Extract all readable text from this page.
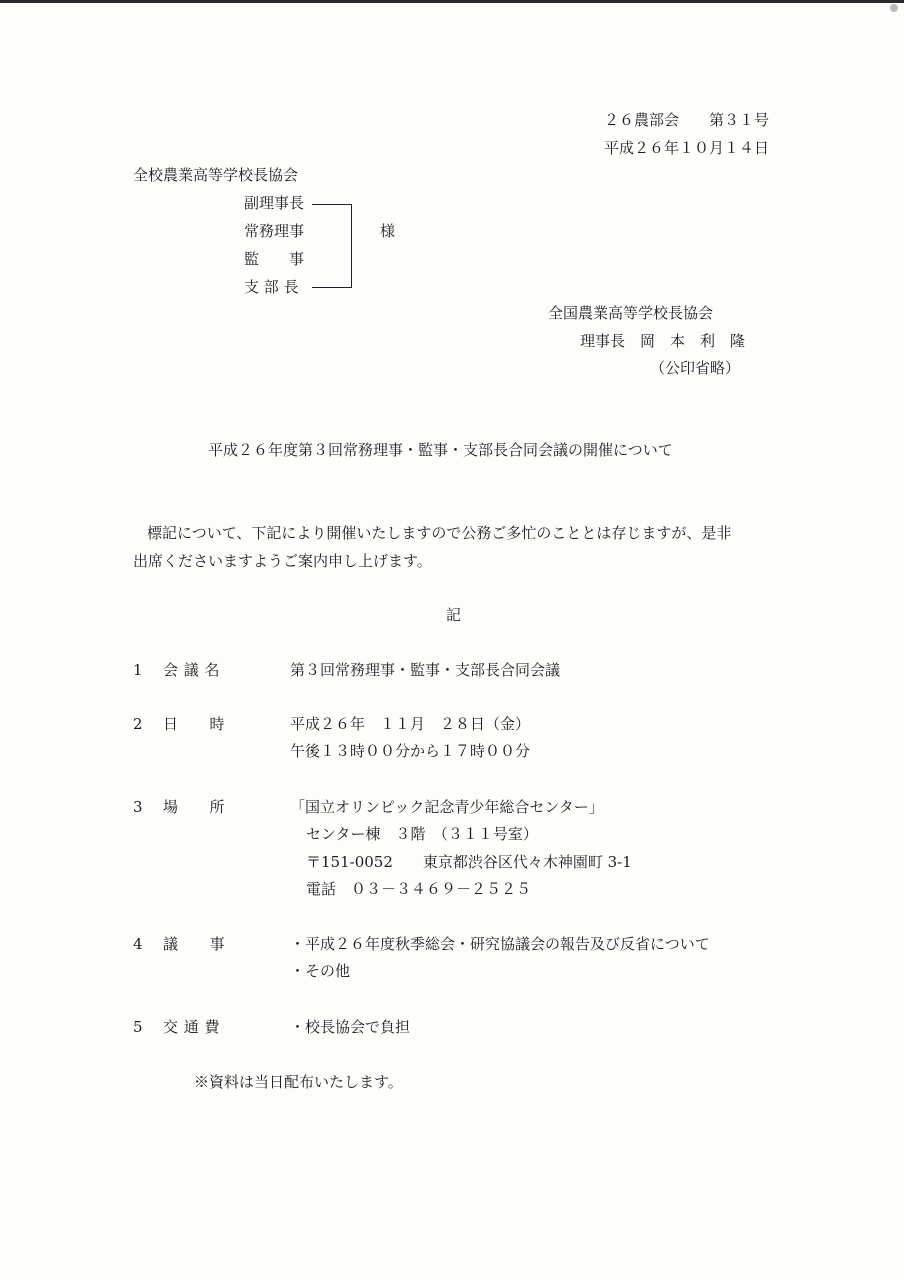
２６農部会　　第３１号
平成２６年１０月１４日
全校農業高等学校長協会
副理事長
常務理事
監　　事
支 部 長
様
全国農業高等学校長協会
理事長　岡　本　利　隆
（公印省略）
平成２６年度第３回常務理事・監事・支部長合同会議の開催について
標記について、下記により開催いたしますので公務ご多忙のこととは存じますが、是非
出席くださいますようご案内申し上げます。
記
1 会 議 名	第３回常務理事・監事・支部長合同会議
2 日　　時	平成２６年　１１月　２８日（金）
午後１３時００分から１７時００分
3 場　　所	「国立オリンピック記念青少年総合センター」
センター棟　３階　（３１１号室）
〒151-0052　　東京都渋谷区代々木神園町 3-1
電話　０３－３４６９－２５２５
4 議　　事	・平成２６年度秋季総会・研究協議会の報告及び反省について
・その他
5 交 通 費	・校長協会で負担
※資料は当日配布いたします。
